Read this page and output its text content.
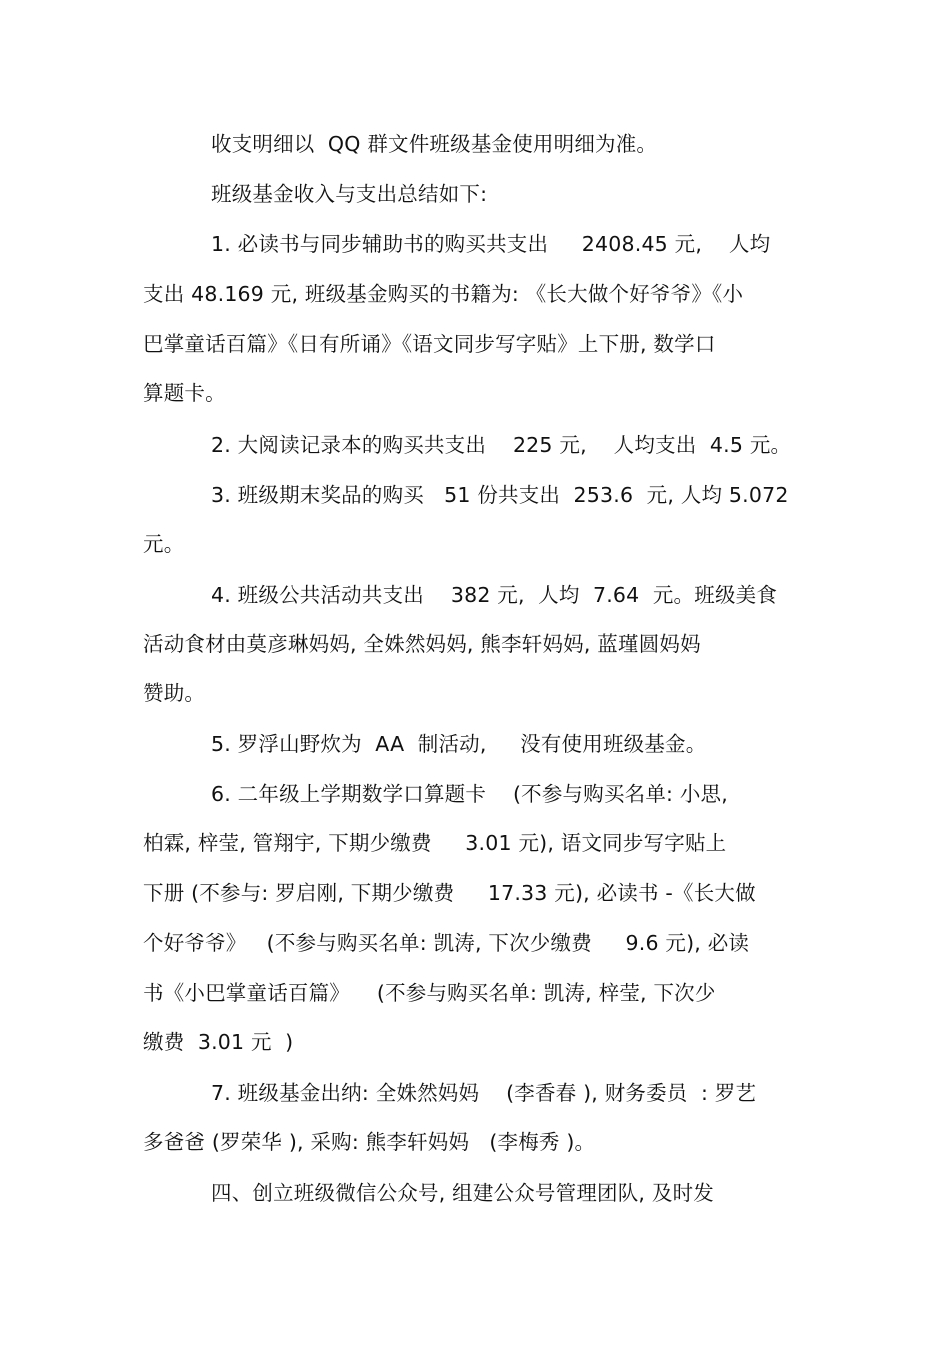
收支明细以  QQ 群文件班级基金使用明细为准。
班级基金收入与支出总结如下:
1. 必读书与同步辅助书的购买共支出     2408.45 元,    人均
支出 48.169 元, 班级基金购买的书籍为: 《长大做个好爷爷》《小
巴掌童话百篇》《日有所诵》《语文同步写字贴》上下册, 数学口
算题卡。
2. 大阅读记录本的购买共支出    225 元,    人均支出  4.5 元。
3. 班级期末奖品的购买   51 份共支出  253.6  元, 人均 5.072
元。
4. 班级公共活动共支出    382 元,  人均  7.64  元。班级美食
活动食材由莫彦琳妈妈, 全姝然妈妈, 熊李轩妈妈, 蓝瑾圆妈妈
赞助。
5. 罗浮山野炊为  AA  制活动,     没有使用班级基金。
6. 二年级上学期数学口算题卡    (不参与购买名单: 小思,
柏霖, 梓莹, 管翔宇, 下期少缴费     3.01 元), 语文同步写字贴上
下册 (不参与: 罗启刚, 下期少缴费     17.33 元), 必读书 -《长大做
个好爷爷》   (不参与购买名单: 凯涛, 下次少缴费     9.6 元), 必读
书《小巴掌童话百篇》    (不参与购买名单: 凯涛, 梓莹, 下次少
缴费  3.01 元  )
7. 班级基金出纳: 全姝然妈妈    (李香春 ), 财务委员  : 罗艺
多爸爸 (罗荣华 ), 采购: 熊李轩妈妈   (李梅秀 )。
四、创立班级微信公众号, 组建公众号管理团队, 及时发
